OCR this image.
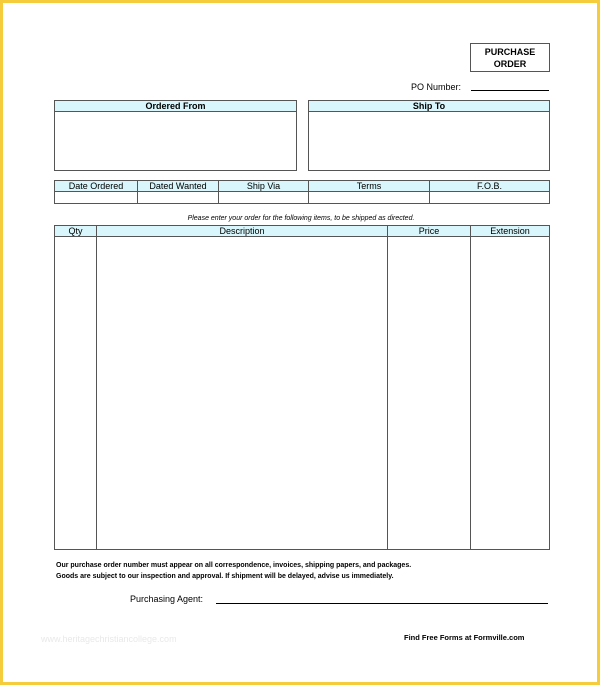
PURCHASE
ORDER
PO Number:
Ordered From	Ship To
Date Ordered	Dated Wanted	Ship Via	Terms	F.O.B.
Please enter your order for the following items, to be shipped as directed.
Qty	Description	Price	Extension
Our purchase order number must appear on all correspondence, invoices, shipping papers, and packages.
Goods are subject to our inspection and approval. If shipment will be delayed, advise us immediately.
Purchasing Agent:
www.heritagechristiancollege.com	Find Free Forms at Formville.com
